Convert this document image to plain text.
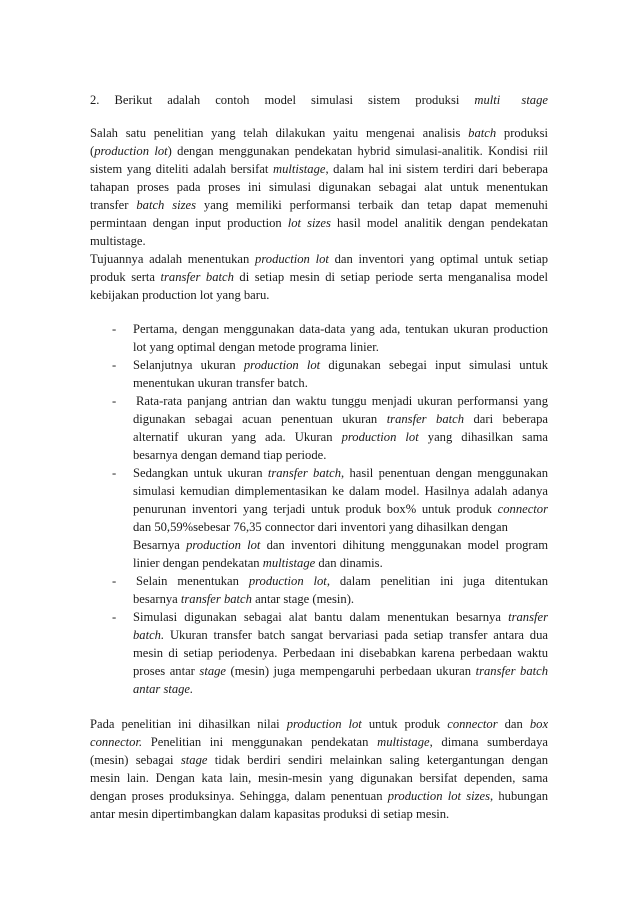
2. Berikut adalah contoh model simulasi sistem produksi multi stage
Salah satu penelitian yang telah dilakukan yaitu mengenai analisis batch produksi
(production lot) dengan menggunakan pendekatan hybrid simulasi-analitik. Kondisi riil
sistem yang diteliti adalah bersifat multistage, dalam hal ini sistem terdiri dari beberapa
tahapan proses pada proses ini simulasi digunakan sebagai alat untuk menentukan
transfer batch sizes yang memiliki performansi terbaik dan tetap dapat memenuhi
permintaan dengan input production lot sizes hasil model analitik dengan pendekatan
multistage.
Tujuannya adalah menentukan production lot dan inventori yang optimal untuk setiap
produk serta transfer batch di setiap mesin di setiap periode serta menganalisa model
kebijakan production lot yang baru.
- Pertama, dengan menggunakan data-data yang ada, tentukan ukuran production
lot yang optimal dengan metode programa linier.
- Selanjutnya ukuran production lot digunakan sebegai input simulasi untuk
menentukan ukuran transfer batch.
- Rata-rata panjang antrian dan waktu tunggu menjadi ukuran performansi yang
digunakan sebagai acuan penentuan ukuran transfer batch dari beberapa
alternatif ukuran yang ada. Ukuran production lot yang dihasilkan sama
besarnya dengan demand tiap periode.
- Sedangkan untuk ukuran transfer batch, hasil penentuan dengan menggunakan
simulasi kemudian dimplementasikan ke dalam model. Hasilnya adalah adanya
penurunan inventori yang terjadi untuk produk box% untuk produk connector
dan 50,59%sebesar 76,35 connector dari inventori yang dihasilkan dengan
Besarnya production lot dan inventori dihitung menggunakan model program
linier dengan pendekatan multistage dan dinamis.
- Selain menentukan production lot, dalam penelitian ini juga ditentukan
besarnya transfer batch antar stage (mesin).
- Simulasi digunakan sebagai alat bantu dalam menentukan besarnya transfer
batch. Ukuran transfer batch sangat bervariasi pada setiap transfer antara dua
mesin di setiap periodenya. Perbedaan ini disebabkan karena perbedaan waktu
proses antar stage (mesin) juga mempengaruhi perbedaan ukuran transfer batch
antar stage.
Pada penelitian ini dihasilkan nilai production lot untuk produk connector dan box
connector. Penelitian ini menggunakan pendekatan multistage, dimana sumberdaya
(mesin) sebagai stage tidak berdiri sendiri melainkan saling ketergantungan dengan
mesin lain. Dengan kata lain, mesin-mesin yang digunakan bersifat dependen, sama
dengan proses produksinya. Sehingga, dalam penentuan production lot sizes, hubungan
antar mesin dipertimbangkan dalam kapasitas produksi di setiap mesin.
